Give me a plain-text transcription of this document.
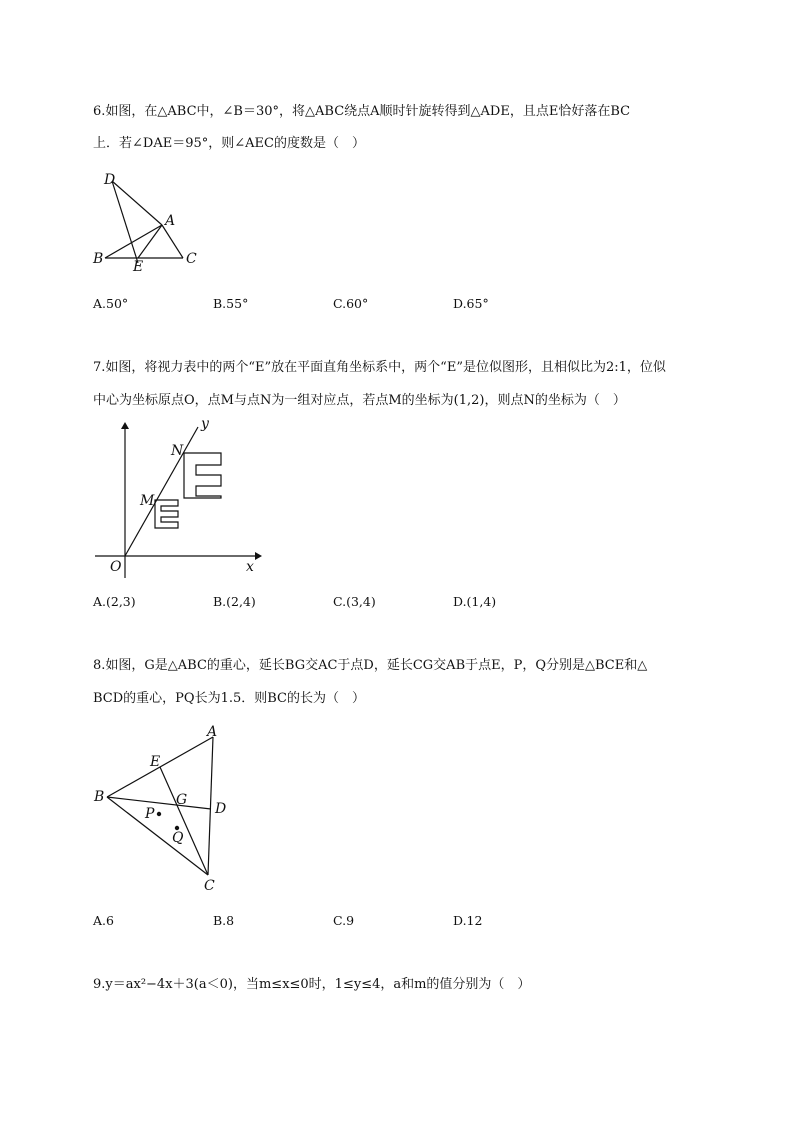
6.如图，在△ABC中，∠B＝30°，将△ABC绕点A顺时针旋转得到△ADE，且点E恰好落在BC
上．若∠DAE＝95°，则∠AEC的度数是（　）
D
A
B E	C
A.50°	B.55°	C.60°	D.65°
7.如图，将视力表中的两个“E”放在平面直角坐标系中，两个“E”是位似图形，且相似比为2:1，位似
中心为坐标原点O，点M与点N为一组对应点，若点M的坐标为(1,2)，则点N的坐标为（　）
y
x
O
M
N
A.(2,3)	B.(2,4)	C.(3,4)	D.(1,4)
8.如图，G是△ABC的重心，延长BG交AC于点D，延长CG交AB于点E，P，Q分别是△BCE和△
BCD的重心，PQ长为1.5．则BC的长为（　）
A
E
B	G
D
P
Q
C
A.6	B.8	C.9	D.12
9.y＝ax²−4x＋3(a＜0)，当m≤x≤0时，1≤y≤4，a和m的值分别为（　）
